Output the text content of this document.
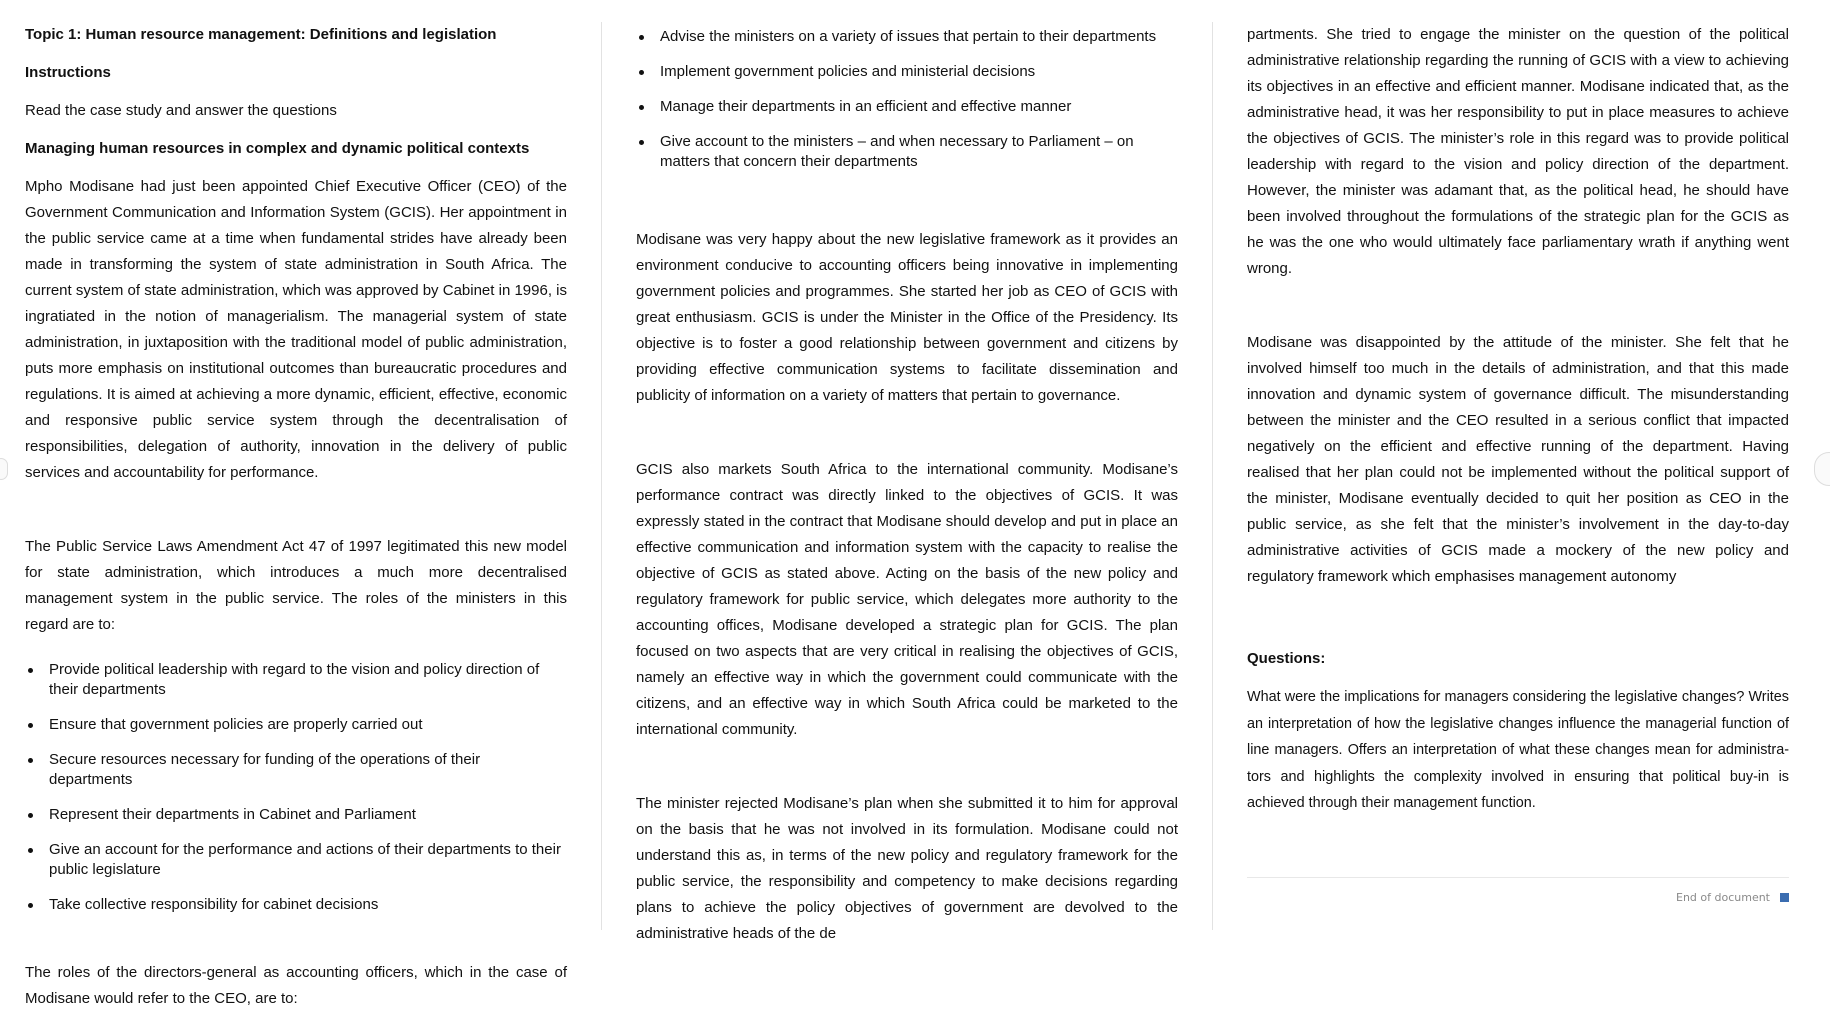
Topic 1: Human resource management: Definitions and legislation
Instructions
Read the case study and answer the questions
Managing human resources in complex and dynamic political contexts

Mpho Modisane had just been appointed Chief Executive Officer (CEO) of the Government Communication and Information System (GCIS). Her appointment in the public service came at a time when fundamental strides have already been made in transforming the system of state administration in South Africa. The current system of state administration, which was approved by Cabinet in 1996, is ingratiated in the notion of managerialism. The managerial system of state administration, in juxtaposition with the traditional model of public administration, puts more emphasis on institutional outcomes than bureaucratic procedures and regulations. It is aimed at achieving a more dynamic, efficient, effective, economic and responsive public service system through the decentralisation of responsibilities, delegation of authority, innovation in the delivery of public services and accountability for performance.

The Public Service Laws Amendment Act 47 of 1997 legitimated this new model for state administration, which introduces a much more decentralised management system in the public service. The roles of the ministers in this regard are to:

Provide political leadership with regard to the vision and policy direction of their departments
Ensure that government policies are properly carried out
Secure resources necessary for funding of the operations of their departments
Represent their departments in Cabinet and Parliament
Give an account for the performance and actions of their departments to their public legislature
Take collective responsibility for cabinet decisions

The roles of the directors-general as accounting officers, which in the case of Modisane would refer to the CEO, are to:

Advise the ministers on a variety of issues that pertain to their departments
Implement government policies and ministerial decisions
Manage their departments in an efficient and effective manner
Give account to the ministers – and when necessary to Parliament – on matters that concern their departments

Modisane was very happy about the new legislative framework as it provides an environment conducive to accounting officers being innovative in implementing government policies and programmes. She started her job as CEO of GCIS with great enthusiasm. GCIS is under the Minister in the Office of the Presidency. Its objective is to foster a good relationship between government and citizens by providing effective communication systems to facilitate dissemination and publicity of information on a variety of matters that pertain to governance.

GCIS also markets South Africa to the international community. Modisane’s performance contract was directly linked to the objectives of GCIS. It was expressly stated in the contract that Modisane should develop and put in place an effective communication and information system with the capacity to realise the objective of GCIS as stated above. Acting on the basis of the new policy and regulatory framework for public service, which delegates more authority to the accounting offices, Modisane developed a strategic plan for GCIS. The plan focused on two aspects that are very critical in realising the objectives of GCIS, namely an effective way in which the government could communicate with the citizens, and an effective way in which South Africa could be marketed to the international community.

The minister rejected Modisane’s plan when she submitted it to him for approval on the basis that he was not involved in its formulation. Modisane could not understand this as, in terms of the new policy and regulatory framework for the public service, the responsibility and competency to make decisions regarding plans to achieve the policy objectives of government are devolved to the administrative heads of the de

partments. She tried to engage the minister on the question of the political administrative relationship regarding the running of GCIS with a view to achieving its objectives in an effective and efficient manner. Modisane indicated that, as the administrative head, it was her responsibility to put in place measures to achieve the objectives of GCIS. The minister’s role in this regard was to provide political leadership with regard to the vision and policy direction of the department. However, the minister was adamant that, as the political head, he should have been involved throughout the formulations of the strategic plan for the GCIS as he was the one who would ultimately face parliamentary wrath if anything went wrong.

Modisane was disappointed by the attitude of the minister. She felt that he involved himself too much in the details of administration, and that this made innovation and dynamic system of governance difficult. The misunderstanding between the minister and the CEO resulted in a serious conflict that impacted negatively on the efficient and effective running of the department. Having realised that her plan could not be implemented without the political support of the minister, Modisane eventually decided to quit her position as CEO in the public service, as she felt that the minister’s involvement in the day-to-day administrative activities of GCIS made a mockery of the new policy and regulatory framework which emphasises management autonomy

Questions:

What were the implications for managers considering the legislative changes? Writes an interpretation of how the legislative changes influence the managerial function of line managers. Offers an interpretation of what these changes mean for administrators and highlights the complexity involved in ensuring that political buy-in is achieved through their management function.

End of document
